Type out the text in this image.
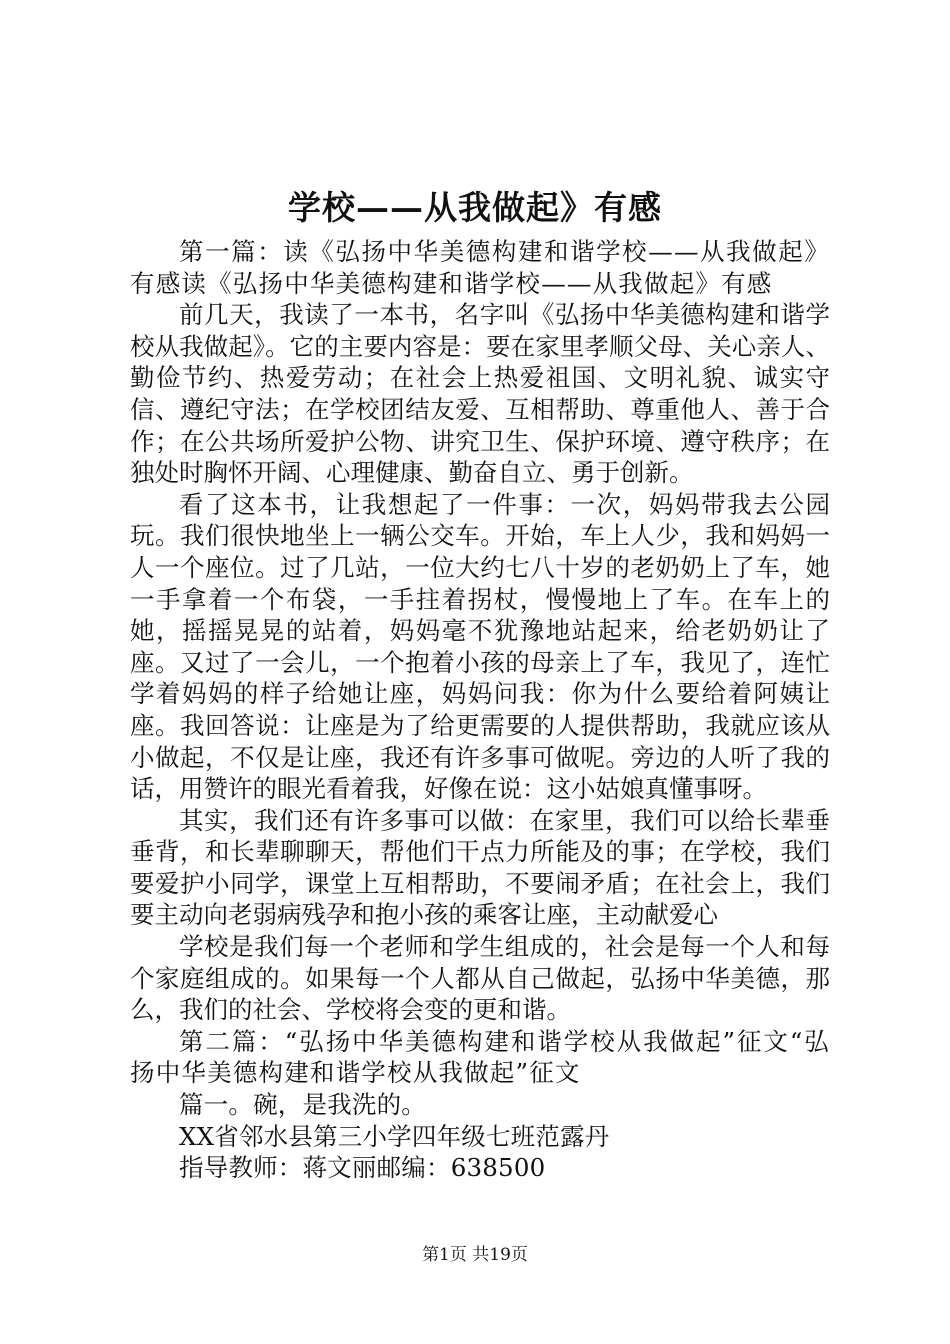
学校——从我做起》有感

第一篇：读《弘扬中华美德构建和谐学校——从我做起》有感读《弘扬中华美德构建和谐学校——从我做起》有感

前几天，我读了一本书，名字叫《弘扬中华美德构建和谐学校从我做起》。它的主要内容是：要在家里孝顺父母、关心亲人、勤俭节约、热爱劳动；在社会上热爱祖国、文明礼貌、诚实守信、遵纪守法；在学校团结友爱、互相帮助、尊重他人、善于合作；在公共场所爱护公物、讲究卫生、保护环境、遵守秩序；在独处时胸怀开阔、心理健康、勤奋自立、勇于创新。

看了这本书，让我想起了一件事：一次，妈妈带我去公园玩。我们很快地坐上一辆公交车。开始，车上人少，我和妈妈一人一个座位。过了几站，一位大约七八十岁的老奶奶上了车，她一手拿着一个布袋，一手拄着拐杖，慢慢地上了车。在车上的她，摇摇晃晃的站着，妈妈毫不犹豫地站起来，给老奶奶让了座。又过了一会儿，一个抱着小孩的母亲上了车，我见了，连忙学着妈妈的样子给她让座，妈妈问我：你为什么要给着阿姨让座。我回答说：让座是为了给更需要的人提供帮助，我就应该从小做起，不仅是让座，我还有许多事可做呢。旁边的人听了我的话，用赞许的眼光看着我，好像在说：这小姑娘真懂事呀。

其实，我们还有许多事可以做：在家里，我们可以给长辈垂垂背，和长辈聊聊天，帮他们干点力所能及的事；在学校，我们要爱护小同学，课堂上互相帮助，不要闹矛盾；在社会上，我们要主动向老弱病残孕和抱小孩的乘客让座，主动献爱心

学校是我们每一个老师和学生组成的，社会是每一个人和每个家庭组成的。如果每一个人都从自己做起，弘扬中华美德，那么，我们的社会、学校将会变的更和谐。

第二篇：“弘扬中华美德构建和谐学校从我做起”征文“弘扬中华美德构建和谐学校从我做起”征文

篇一。碗，是我洗的。

XX省邻水县第三小学四年级七班范露丹

指导教师：蒋文丽邮编：638500

第1页 共19页
